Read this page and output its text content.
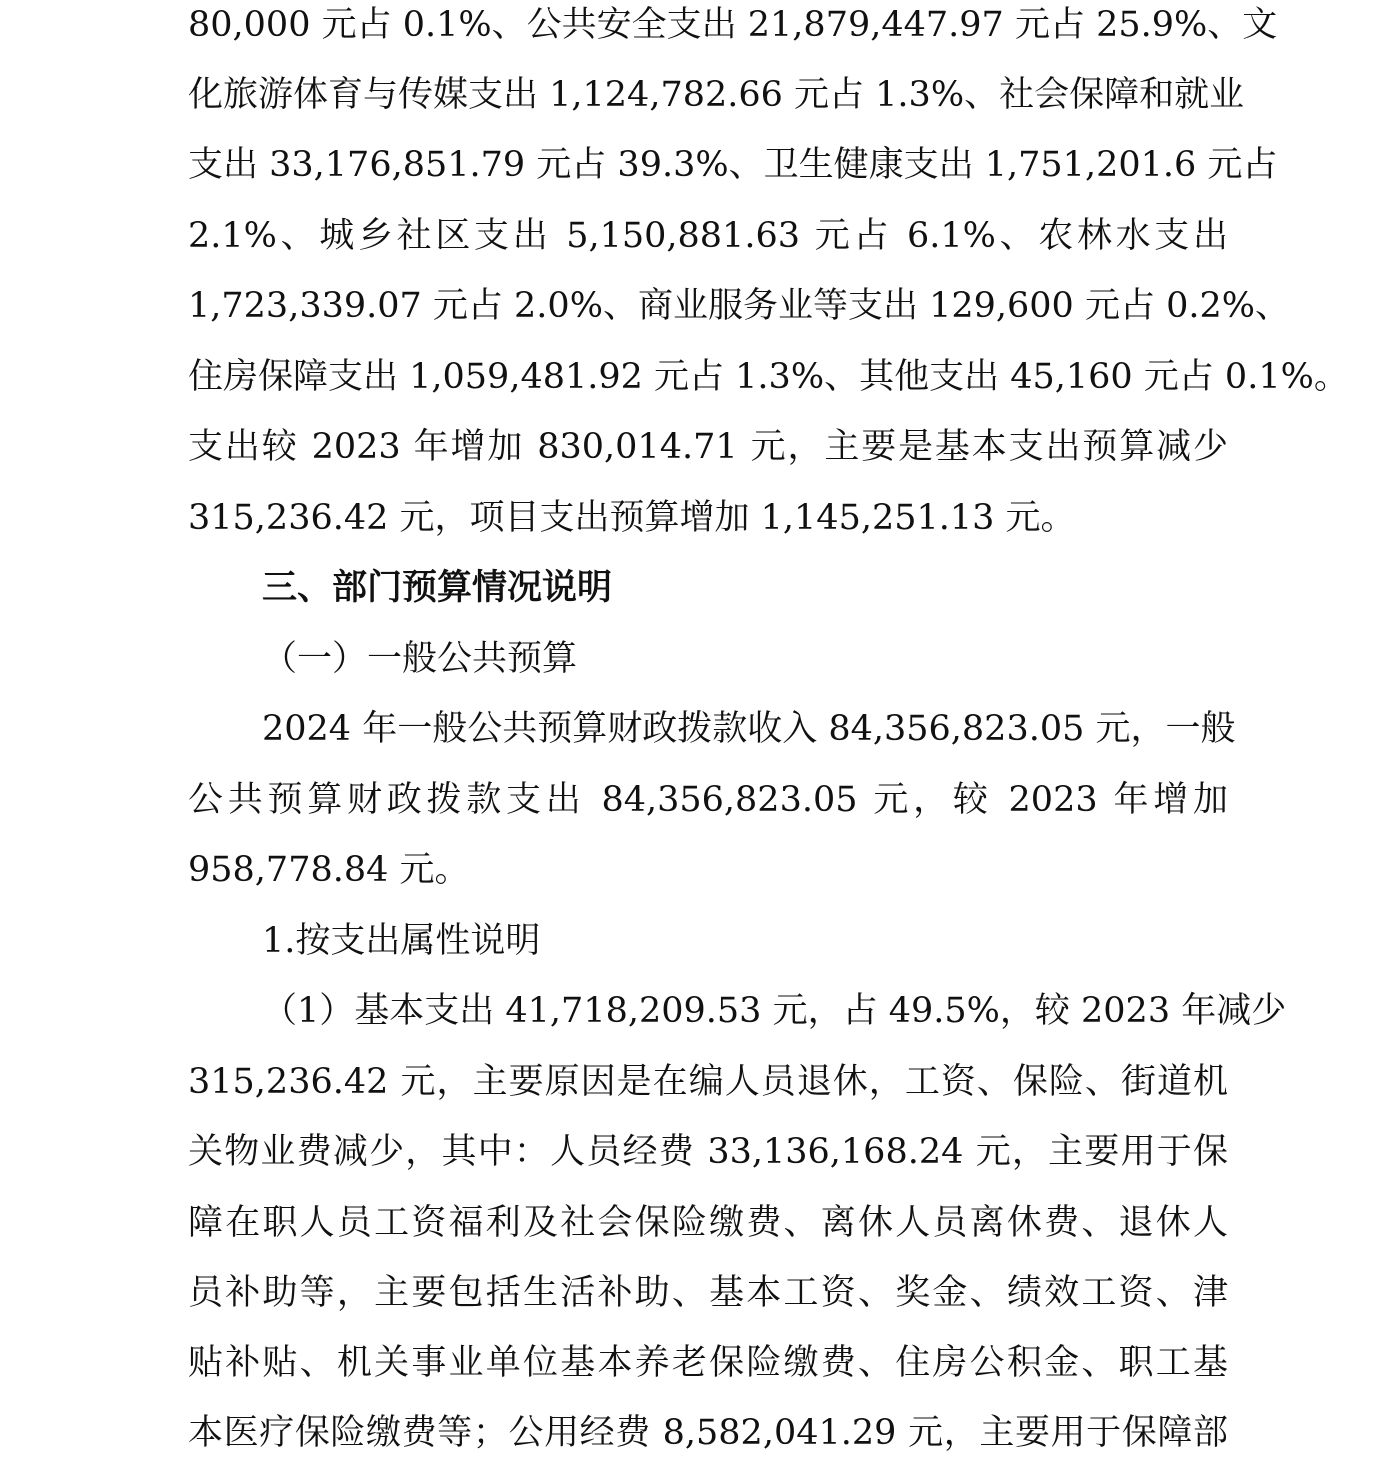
80,000 元占 0.1%、公共安全支出 21,879,447.97 元占 25.9%、文
化旅游体育与传媒支出 1,124,782.66 元占 1.3%、社会保障和就业
支出 33,176,851.79 元占 39.3%、卫生健康支出 1,751,201.6 元占
2.1%、城乡社区支出 5,150,881.63 元占 6.1%、农林水支出
1,723,339.07 元占 2.0%、商业服务业等支出 129,600 元占 0.2%、
住房保障支出 1,059,481.92 元占 1.3%、其他支出 45,160 元占 0.1%。
支出较 2023 年增加 830,014.71 元，主要是基本支出预算减少
315,236.42 元，项目支出预算增加 1,145,251.13 元。
三、部门预算情况说明
（一）一般公共预算
2024 年一般公共预算财政拨款收入 84,356,823.05 元，一般
公共预算财政拨款支出 84,356,823.05 元，较 2023 年增加
958,778.84 元。
1.按支出属性说明
（1）基本支出 41,718,209.53 元，占 49.5%，较 2023 年减少
315,236.42 元，主要原因是在编人员退休，工资、保险、街道机
关物业费减少，其中：人员经费 33,136,168.24 元，主要用于保
障在职人员工资福利及社会保险缴费、离休人员离休费、退休人
员补助等，主要包括生活补助、基本工资、奖金、绩效工资、津
贴补贴、机关事业单位基本养老保险缴费、住房公积金、职工基
本医疗保险缴费等；公用经费 8,582,041.29 元，主要用于保障部
